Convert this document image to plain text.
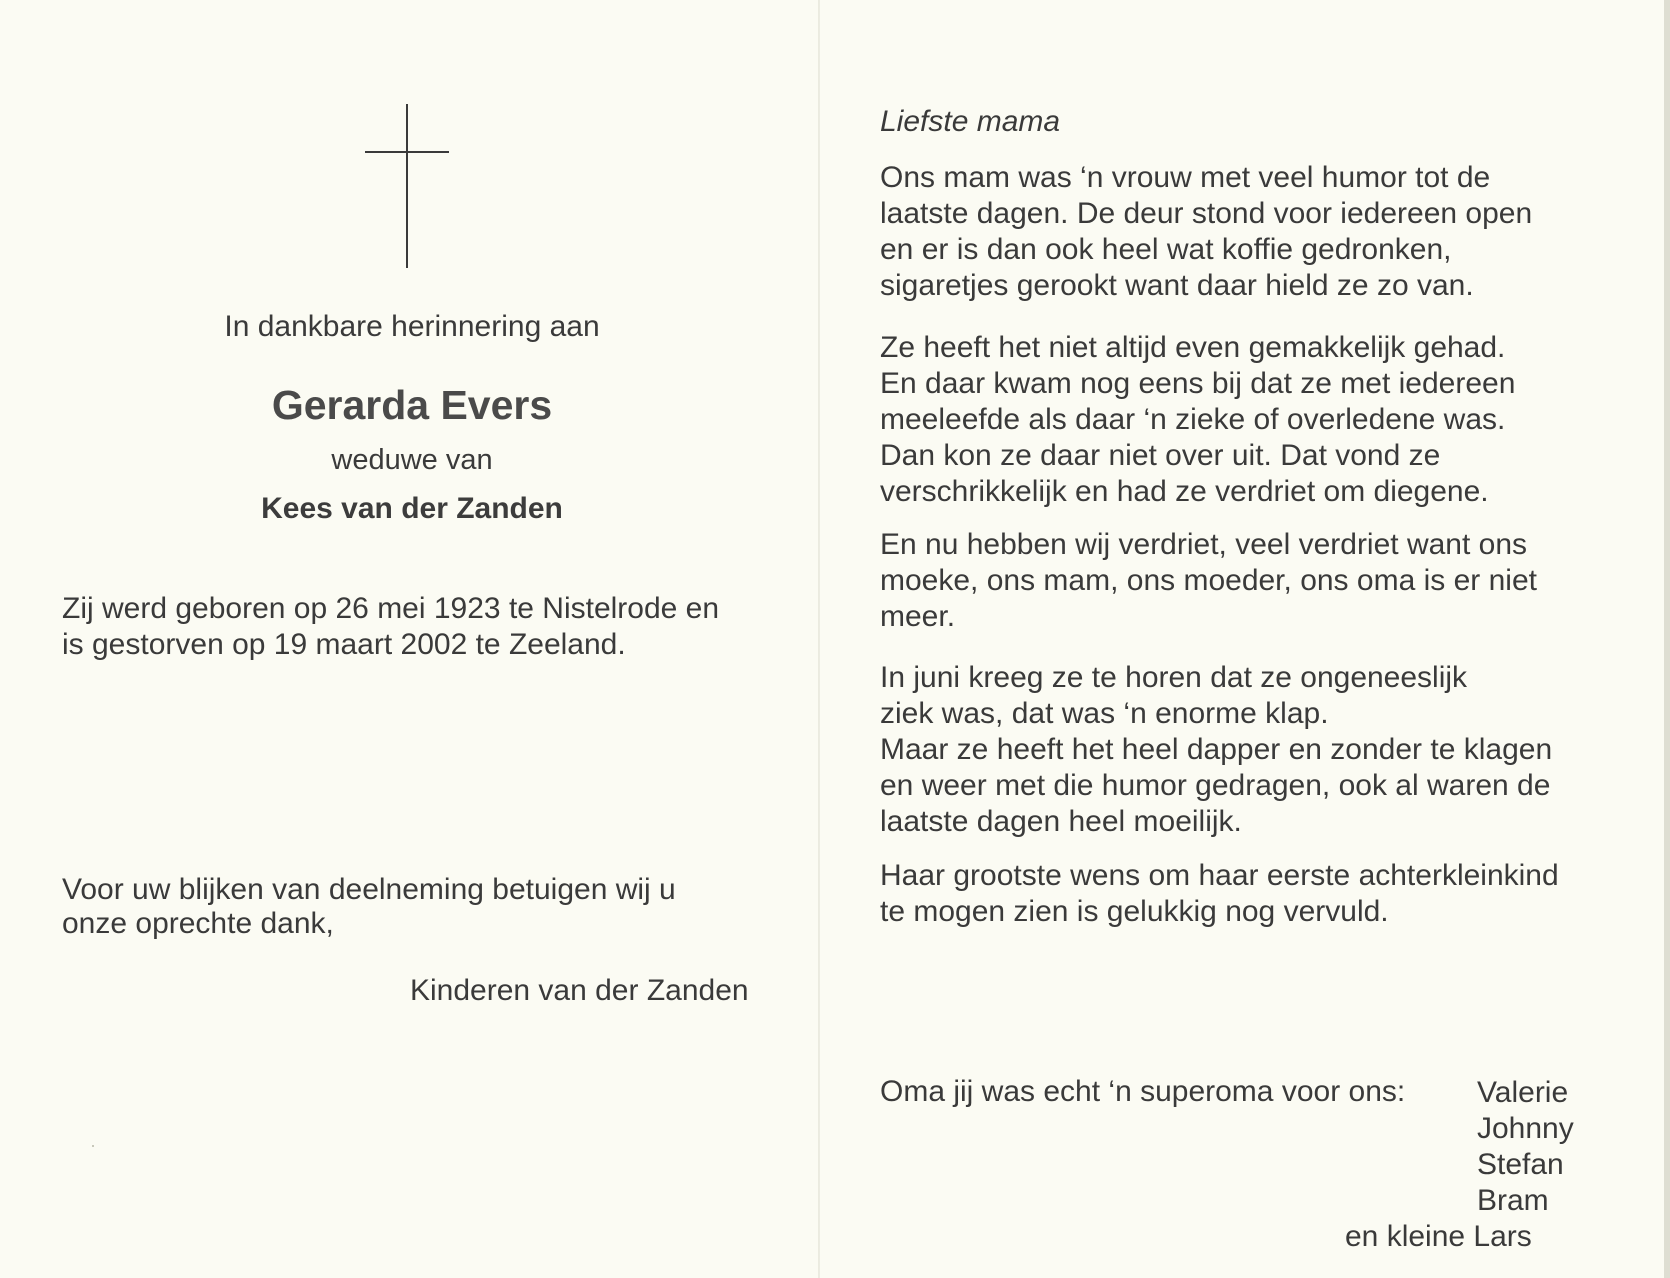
In dankbare herinnering aan
Gerarda Evers
weduwe van
Kees van der Zanden
Zij werd geboren op 26 mei 1923 te Nistelrode en
is gestorven op 19 maart 2002 te Zeeland.
Voor uw blijken van deelneming betuigen wij u
onze oprechte dank,
Kinderen van der Zanden
Liefste mama
Ons mam was ‘n vrouw met veel humor tot de
laatste dagen. De deur stond voor iedereen open
en er is dan ook heel wat koffie gedronken,
sigaretjes gerookt want daar hield ze zo van.
Ze heeft het niet altijd even gemakkelijk gehad.
En daar kwam nog eens bij dat ze met iedereen
meeleefde als daar ‘n zieke of overledene was.
Dan kon ze daar niet over uit. Dat vond ze
verschrikkelijk en had ze verdriet om diegene.
En nu hebben wij verdriet, veel verdriet want ons
moeke, ons mam, ons moeder, ons oma is er niet
meer.
In juni kreeg ze te horen dat ze ongeneeslijk
ziek was, dat was ‘n enorme klap.
Maar ze heeft het heel dapper en zonder te klagen
en weer met die humor gedragen, ook al waren de
laatste dagen heel moeilijk.
Haar grootste wens om haar eerste achterkleinkind
te mogen zien is gelukkig nog vervuld.
Oma jij was echt ‘n superoma voor ons:	Valerie
Johnny
Stefan
Bram
en kleine Lars
